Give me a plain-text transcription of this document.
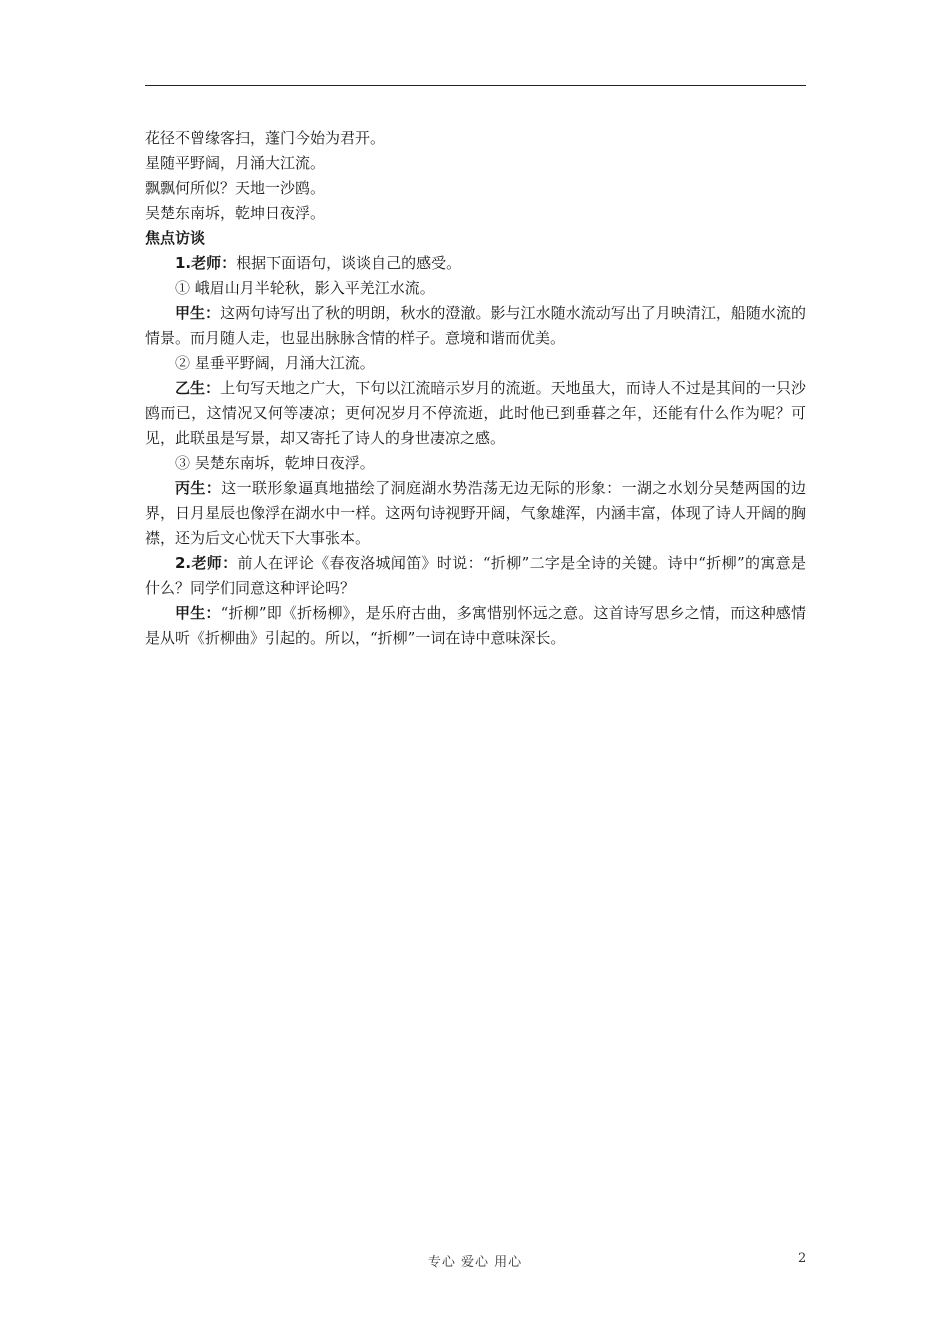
花径不曾缘客扫，蓬门今始为君开。
星随平野阔，月涌大江流。
飘飘何所似？天地一沙鸥。
吴楚东南坼，乾坤日夜浮。
焦点访谈
1.老师：根据下面语句，谈谈自己的感受。
① 峨眉山月半轮秋，影入平羌江水流。
甲生：这两句诗写出了秋的明朗，秋水的澄澈。影与江水随水流动写出了月映清江，船随水流的情景。而月随人走，也显出脉脉含情的样子。意境和谐而优美。
② 星垂平野阔，月涌大江流。
乙生：上句写天地之广大，下句以江流暗示岁月的流逝。天地虽大，而诗人不过是其间的一只沙鸥而已，这情况又何等凄凉；更何况岁月不停流逝，此时他已到垂暮之年，还能有什么作为呢？可见，此联虽是写景，却又寄托了诗人的身世凄凉之感。
③ 吴楚东南坼，乾坤日夜浮。
丙生：这一联形象逼真地描绘了洞庭湖水势浩荡无边无际的形象：一湖之水划分吴楚两国的边界，日月星辰也像浮在湖水中一样。这两句诗视野开阔，气象雄浑，内涵丰富，体现了诗人开阔的胸襟，还为后文心忧天下大事张本。
2.老师：前人在评论《春夜洛城闻笛》时说：“折柳”二字是全诗的关键。诗中“折柳”的寓意是什么？同学们同意这种评论吗？
甲生：“折柳”即《折杨柳》，是乐府古曲，多寓惜别怀远之意。这首诗写思乡之情，而这种感情是从听《折柳曲》引起的。所以，“折柳”一词在诗中意味深长。
专心 爱心 用心	2
